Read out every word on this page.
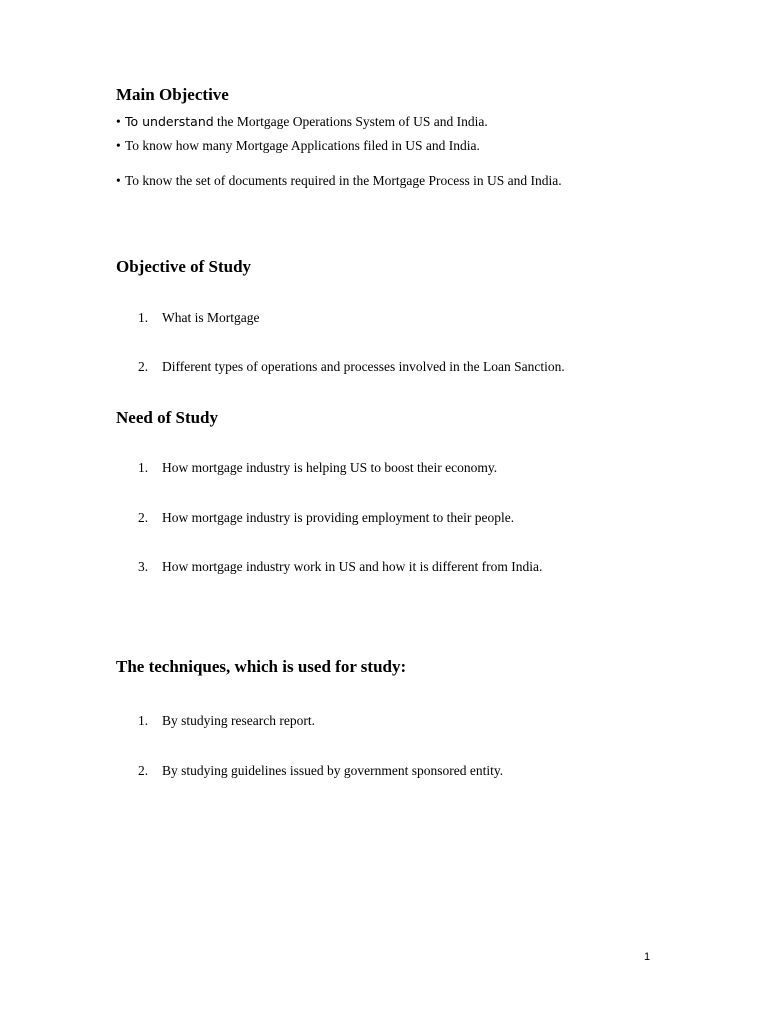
Main Objective
• To understand the Mortgage Operations System of US and India.
• To know how many Mortgage Applications filed in US and India.
• To know the set of documents required in the Mortgage Process in US and India.
Objective of Study
1. What is Mortgage
2. Different types of operations and processes involved in the Loan Sanction.
Need of Study
1. How mortgage industry is helping US to boost their economy.
2. How mortgage industry is providing employment to their people.
3. How mortgage industry work in US and how it is different from India.
The techniques, which is used for study:
1. By studying research report.
2. By studying guidelines issued by government sponsored entity.
1
